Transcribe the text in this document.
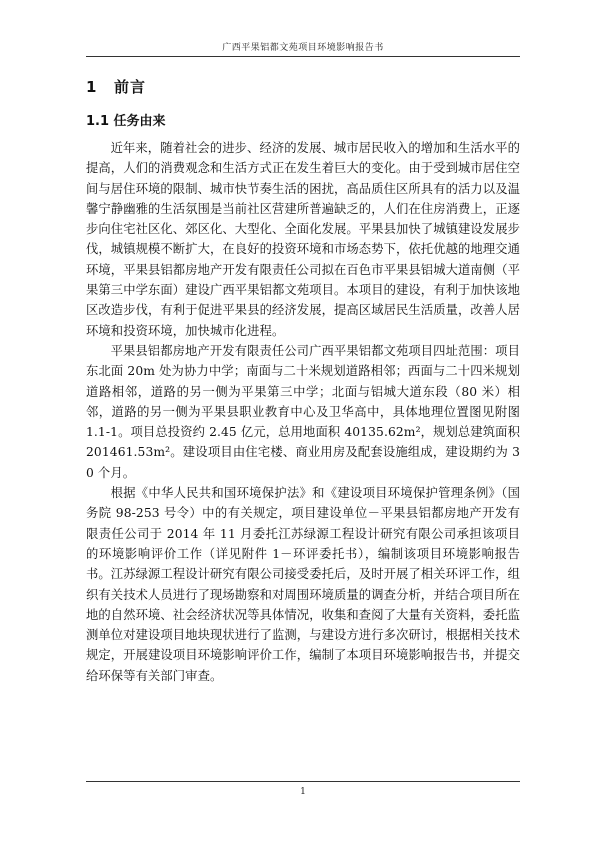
广西平果铝都文苑项目环境影响报告书
1 前言
1.1 任务由来

近年来，随着社会的进步、经济的发展、城市居民收入的增加和生活水平的提高，人们的消费观念和生活方式正在发生着巨大的变化。由于受到城市居住空间与居住环境的限制、城市快节奏生活的困扰，高品质住区所具有的活力以及温馨宁静幽雅的生活氛围是当前社区营建所普遍缺乏的，人们在住房消费上，正逐步向住宅社区化、郊区化、大型化、全面化发展。平果县加快了城镇建设发展步伐，城镇规模不断扩大，在良好的投资环境和市场态势下，依托优越的地理交通环境，平果县铝都房地产开发有限责任公司拟在百色市平果县铝城大道南侧（平果第三中学东面）建设广西平果铝都文苑项目。本项目的建设，有利于加快该地区改造步伐，有利于促进平果县的经济发展，提高区域居民生活质量，改善人居环境和投资环境，加快城市化进程。

平果县铝都房地产开发有限责任公司广西平果铝都文苑项目四址范围：项目东北面 20m 处为协力中学；南面与二十米规划道路相邻；西面与二十四米规划道路相邻，道路的另一侧为平果第三中学；北面与铝城大道东段（80 米）相邻，道路的另一侧为平果县职业教育中心及卫华高中，具体地理位置图见附图 1.1-1。项目总投资约 2.45 亿元，总用地面积 40135.62m²，规划总建筑面积 201461.53m²。建设项目由住宅楼、商业用房及配套设施组成，建设期约为 30 个月。

根据《中华人民共和国环境保护法》和《建设项目环境保护管理条例》（国务院 98-253 号令）中的有关规定，项目建设单位－平果县铝都房地产开发有限责任公司于 2014 年 11 月委托江苏绿源工程设计研究有限公司承担该项目的环境影响评价工作（详见附件 1－环评委托书），编制该项目环境影响报告书。江苏绿源工程设计研究有限公司接受委托后，及时开展了相关环评工作，组织有关技术人员进行了现场勘察和对周围环境质量的调查分析，并结合项目所在地的自然环境、社会经济状况等具体情况，收集和查阅了大量有关资料，委托监测单位对建设项目地块现状进行了监测，与建设方进行多次研讨，根据相关技术规定，开展建设项目环境影响评价工作，编制了本项目环境影响报告书，并提交给环保等有关部门审查。

1
